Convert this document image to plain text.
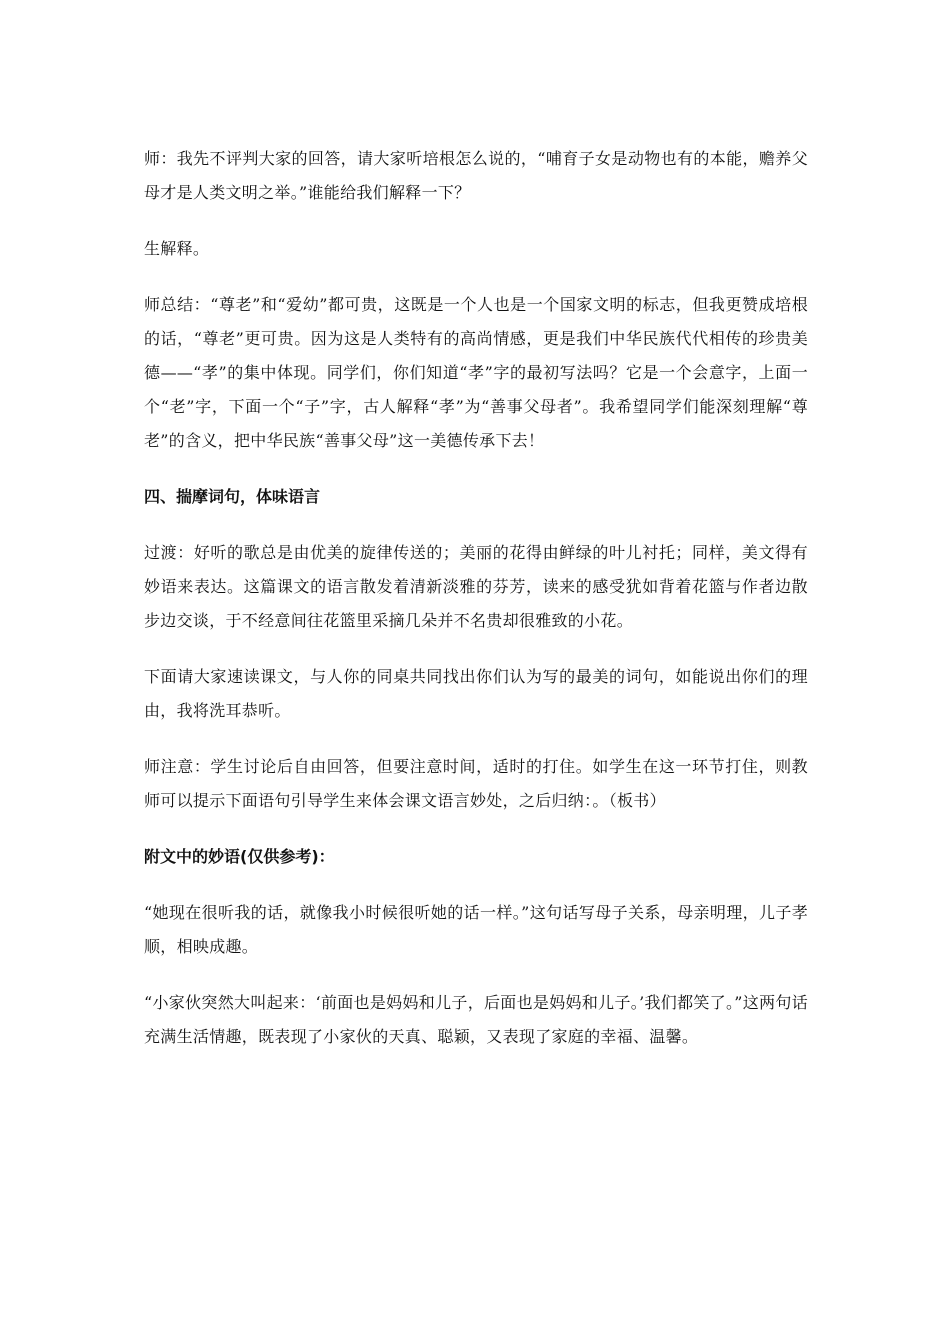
师：我先不评判大家的回答，请大家听培根怎么说的，“哺育子女是动物也有的本能，赡养父母才是人类文明之举。”谁能给我们解释一下？

生解释。

师总结：“尊老”和“爱幼”都可贵，这既是一个人也是一个国家文明的标志，但我更赞成培根的话，“尊老”更可贵。因为这是人类特有的高尚情感，更是我们中华民族代代相传的珍贵美德——“孝”的集中体现。同学们，你们知道“孝”字的最初写法吗？它是一个会意字，上面一个“老”字，下面一个“子”字，古人解释“孝”为“善事父母者”。我希望同学们能深刻理解“尊老”的含义，把中华民族“善事父母”这一美德传承下去！

四、揣摩词句，体味语言

过渡：好听的歌总是由优美的旋律传送的；美丽的花得由鲜绿的叶儿衬托；同样，美文得有妙语来表达。这篇课文的语言散发着清新淡雅的芬芳，读来的感受犹如背着花篮与作者边散步边交谈，于不经意间往花篮里采摘几朵并不名贵却很雅致的小花。

下面请大家速读课文，与人你的同桌共同找出你们认为写的最美的词句，如能说出你们的理由，我将洗耳恭听。

师注意：学生讨论后自由回答，但要注意时间，适时的打住。如学生在这一环节打住，则教师可以提示下面语句引导学生来体会课文语言妙处，之后归纳：。（板书）

附文中的妙语(仅供参考)：

“她现在很听我的话，就像我小时候很听她的话一样。”这句话写母子关系，母亲明理，儿子孝顺，相映成趣。

“小家伙突然大叫起来：‘前面也是妈妈和儿子，后面也是妈妈和儿子。’我们都笑了。”这两句话充满生活情趣，既表现了小家伙的天真、聪颖，又表现了家庭的幸福、温馨。
